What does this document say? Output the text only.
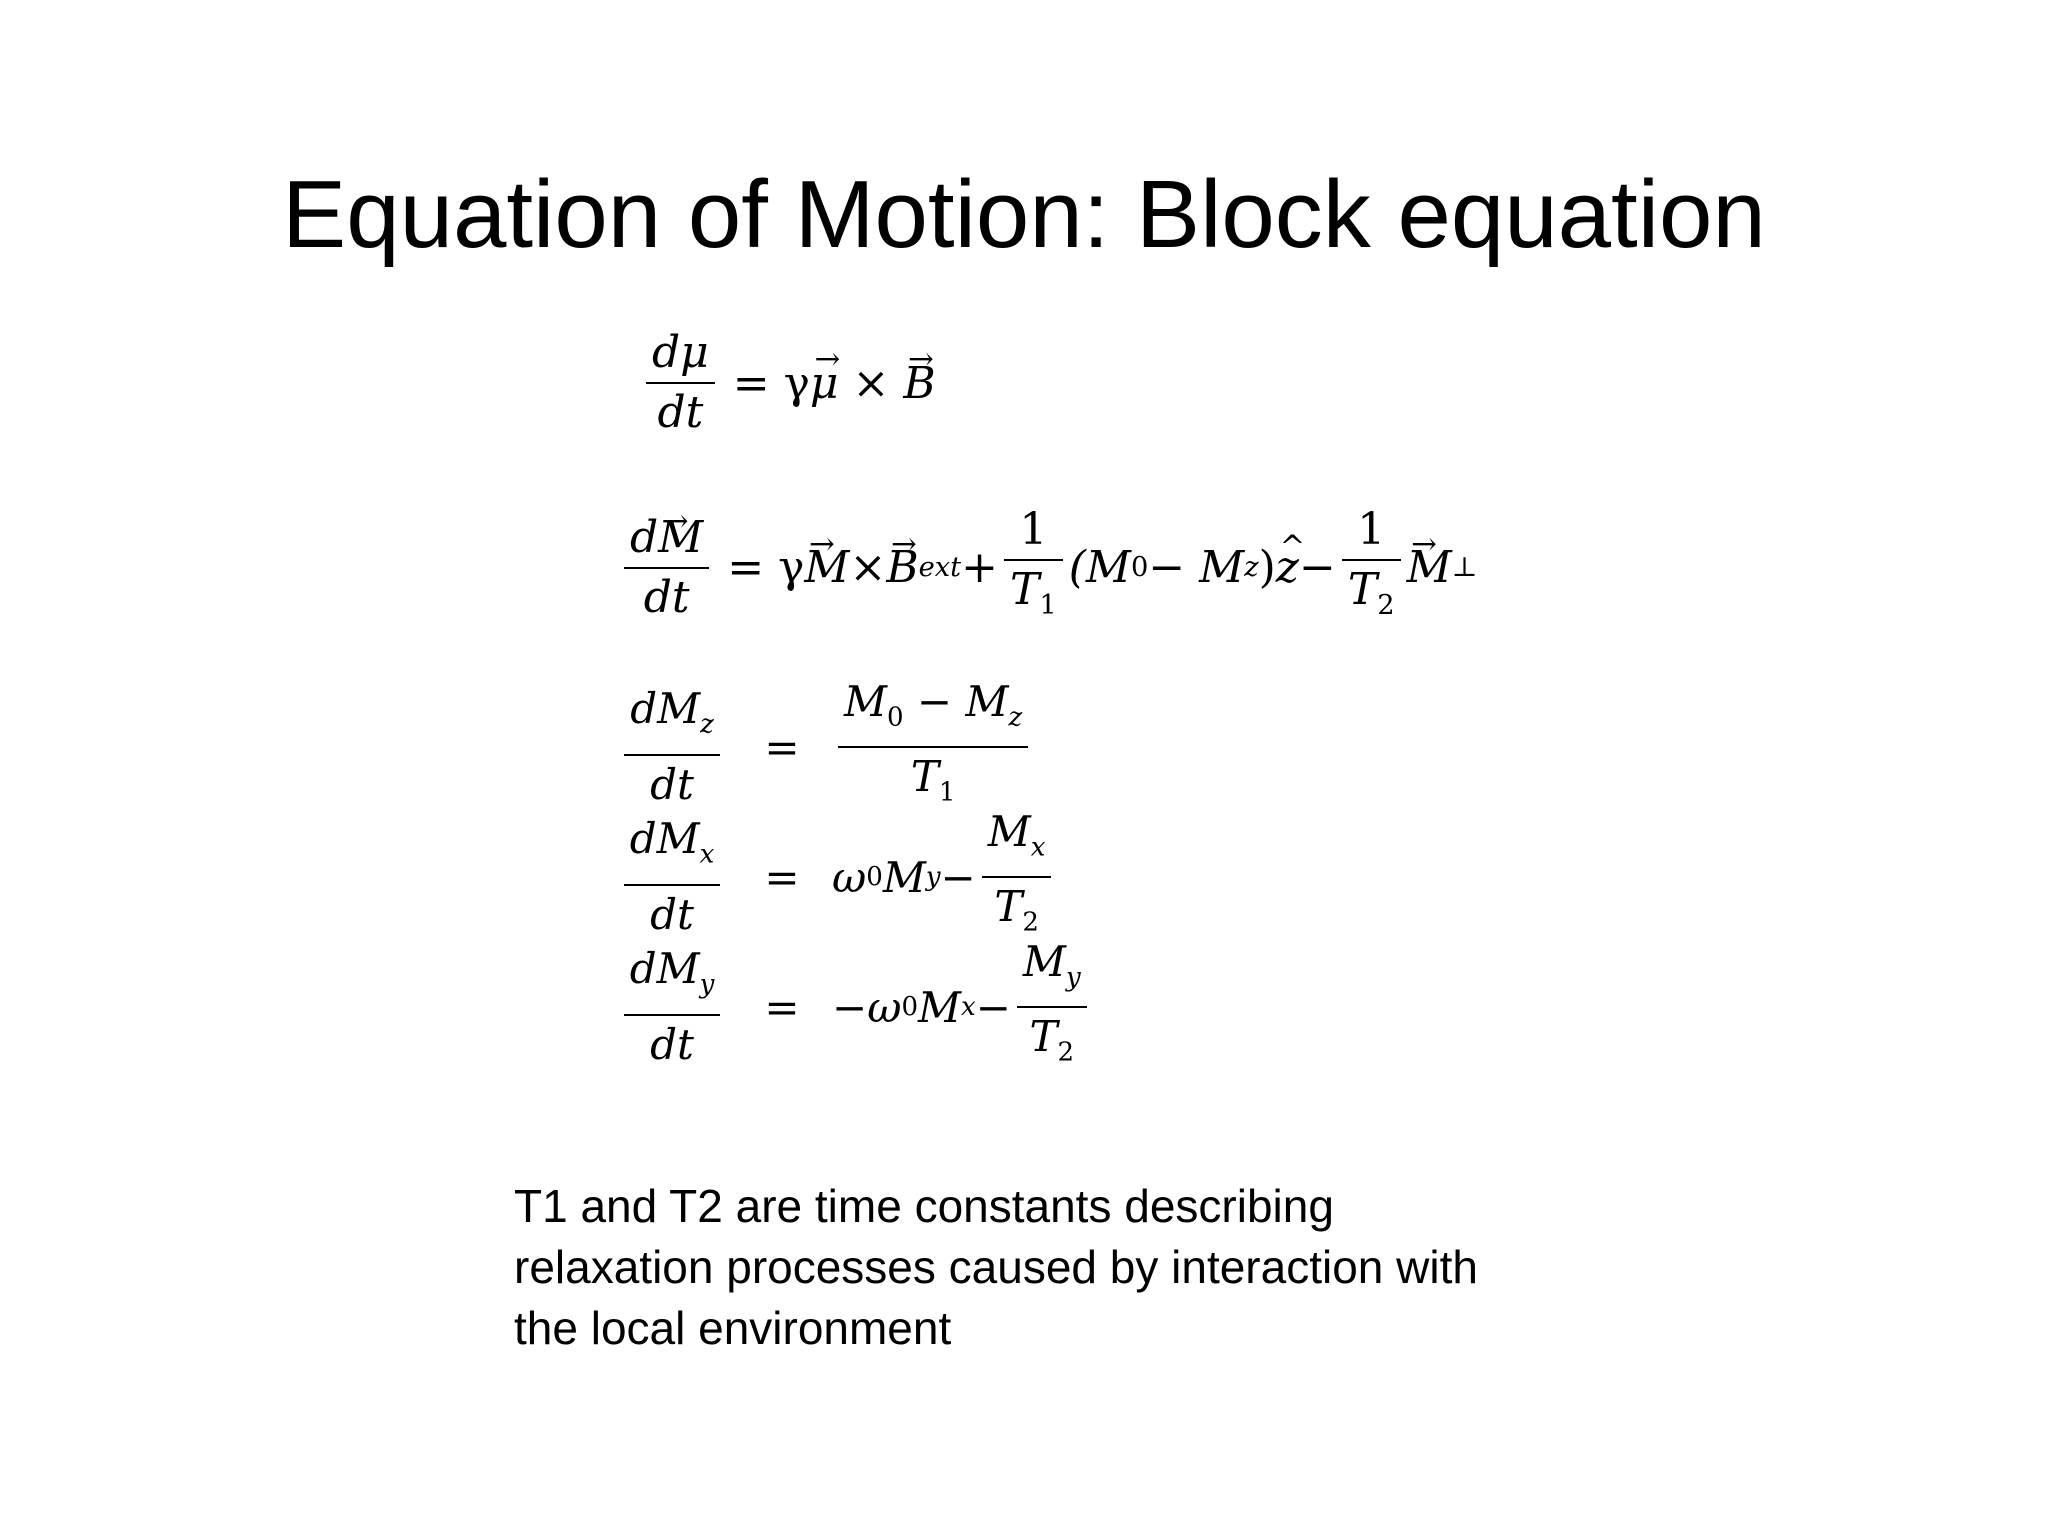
Equation of Motion: Block equation
$\frac{d\mu}{dt} = \gamma\to \mu$ × → B
$\frac{d\to M}{dt} = \gamma$
→ M ×
→ B ext + $\frac{1}{T_1} (M$ 0 − M z )
^ $z - \frac{1}{T_2}$
→ M ⊥
$\frac{dM_z}{dt}$	= $\frac{M_0 - M_z}{T_1}$
$\frac{dM_x}{dt}$	= ω 0 M $y - \frac{M_x}{T_2}$
$\frac{dM_y}{dt}$	= −ω 0 M $x - \frac{M_y}{T_2}$
T1 and T2 are time constants describing
relaxation processes caused by interaction with
the local environment
